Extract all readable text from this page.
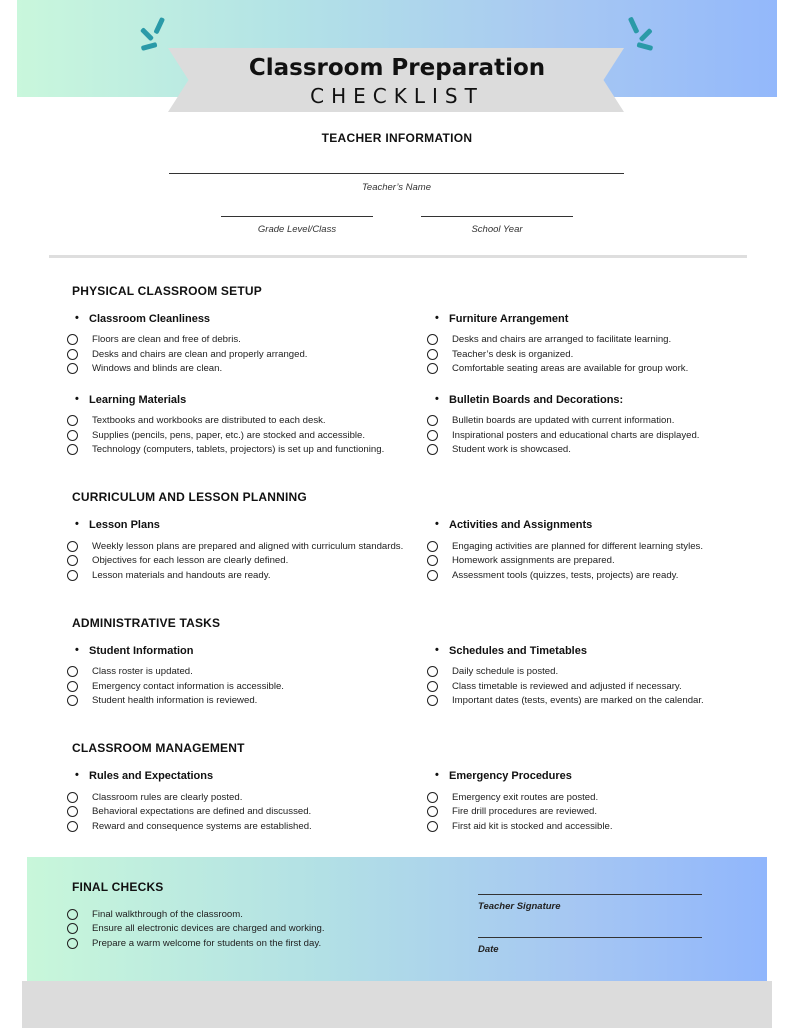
Classroom Preparation
CHECKLIST
TEACHER INFORMATION
Teacher’s Name
Grade Level/Class	School Year
PHYSICAL CLASSROOM SETUP
• Classroom Cleanliness
Floors are clean and free of debris.
Desks and chairs are clean and properly arranged.
Windows and blinds are clean.
• Furniture Arrangement
Desks and chairs are arranged to facilitate learning.
Teacher’s desk is organized.
Comfortable seating areas are available for group work.
• Learning Materials
Textbooks and workbooks are distributed to each desk.
Supplies (pencils, pens, paper, etc.) are stocked and accessible.
Technology (computers, tablets, projectors) is set up and functioning.
• Bulletin Boards and Decorations:
Bulletin boards are updated with current information.
Inspirational posters and educational charts are displayed.
Student work is showcased.
CURRICULUM AND LESSON PLANNING
• Lesson Plans
Weekly lesson plans are prepared and aligned with curriculum standards.
Objectives for each lesson are clearly defined.
Lesson materials and handouts are ready.
• Activities and Assignments
Engaging activities are planned for different learning styles.
Homework assignments are prepared.
Assessment tools (quizzes, tests, projects) are ready.
ADMINISTRATIVE TASKS
• Student Information
Class roster is updated.
Emergency contact information is accessible.
Student health information is reviewed.
• Schedules and Timetables
Daily schedule is posted.
Class timetable is reviewed and adjusted if necessary.
Important dates (tests, events) are marked on the calendar.
CLASSROOM MANAGEMENT
• Rules and Expectations
Classroom rules are clearly posted.
Behavioral expectations are defined and discussed.
Reward and consequence systems are established.
• Emergency Procedures
Emergency exit routes are posted.
Fire drill procedures are reviewed.
First aid kit is stocked and accessible.
FINAL CHECKS
Final walkthrough of the classroom.
Ensure all electronic devices are charged and working.
Prepare a warm welcome for students on the first day.
Teacher Signature
Date
